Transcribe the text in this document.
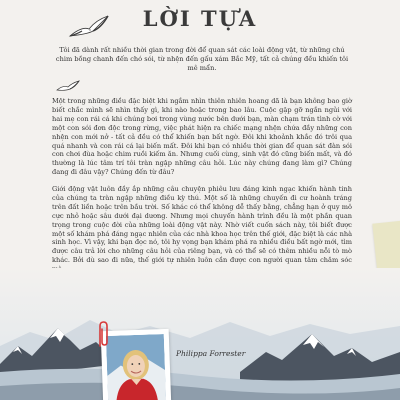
LỜI TỰA

Tôi đã dành rất nhiều thời gian trong đời để quan sát các loài động vật, từ những chú chim bồng chanh đến chó sói, từ nhện đến gấu xám Bắc Mỹ, tất cả chúng đều khiến tôi mê mẩn.

Một trong những điều đặc biệt khi ngắm nhìn thiên nhiên hoang dã là bạn không bao giờ biết chắc mình sẽ nhìn thấy gì, khi nào hoặc trong bao lâu. Cuộc gặp gỡ ngắn ngủi với hai mẹ con rái cá khi chúng bơi trong vùng nước bên dưới bạn, màn chạm trán tình cờ với một con sói đơn độc trong rừng, việc phát hiện ra chiếc mạng nhện chứa đầy những con nhện con mới nở - tất cả đều có thể khiến bạn bất ngờ. Đôi khi khoảnh khắc đó trôi qua quá nhanh và con rái cá lại biến mất. Đôi khi bạn có nhiều thời gian để quan sát đàn sói con chơi đùa hoặc chim ruồi kiếm ăn. Nhưng cuối cùng, sinh vật đó cũng biến mất, và đó thường là lúc tâm trí tôi tràn ngập những câu hỏi. Lúc này chúng đang làm gì? Chúng đang đi đâu vậy? Chúng đến từ đâu?

Giới động vật luôn đầy ắp những câu chuyện phiêu lưu đáng kinh ngạc khiến hành tinh của chúng ta tràn ngập những điều kỳ thú. Một số là những chuyến đi cư hoành tráng trên đất liền hoặc trên bầu trời. Số khác có thể không dễ thấy bằng, chẳng hạn ở quy mô cực nhỏ hoặc sâu dưới đại dương. Nhưng mọi chuyến hành trình đều là một phần quan trọng trong cuộc đời của những loài động vật này. Nhờ viết cuốn sách này, tôi biết được một số khám phá đáng ngạc nhiên của các nhà khoa học trên thế giới, đặc biệt là các nhà sinh học. Vì vậy, khi bạn đọc nó, tôi hy vọng bạn khám phá ra nhiều điều bất ngờ mới, tìm được câu trả lời cho những câu hỏi của riêng bạn, và có thể sẽ có thêm nhiều nỗi tò mò khác. Bởi dù sao đi nữa, thế giới tự nhiên luôn cần được con người quan tâm chăm sóc

Philippa Forrester
